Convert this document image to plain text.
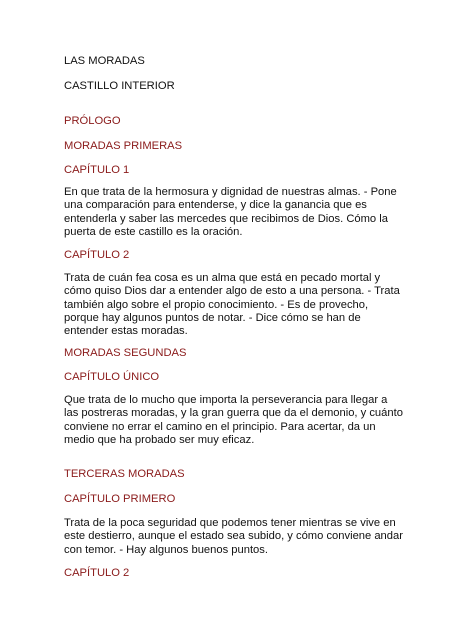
LAS MORADAS
CASTILLO INTERIOR
PRÓLOGO
MORADAS PRIMERAS
CAPÍTULO 1
En que trata de la hermosura y dignidad de nuestras almas. - Pone
una comparación para entenderse, y dice la ganancia que es
entenderla y saber las mercedes que recibimos de Dios. Cómo la
puerta de este castillo es la oración.
CAPÍTULO 2
Trata de cuán fea cosa es un alma que está en pecado mortal y
cómo quiso Dios dar a entender algo de esto a una persona. - Trata
también algo sobre el propio conocimiento. - Es de provecho,
porque hay algunos puntos de notar. - Dice cómo se han de
entender estas moradas.
MORADAS SEGUNDAS
CAPÍTULO ÚNICO
Que trata de lo mucho que importa la perseverancia para llegar a
las postreras moradas, y la gran guerra que da el demonio, y cuánto
conviene no errar el camino en el principio. Para acertar, da un
medio que ha probado ser muy eficaz.
TERCERAS MORADAS
CAPÍTULO PRIMERO
Trata de la poca seguridad que podemos tener mientras se vive en
este destierro, aunque el estado sea subido, y cómo conviene andar
con temor. - Hay algunos buenos puntos.
CAPÍTULO 2
